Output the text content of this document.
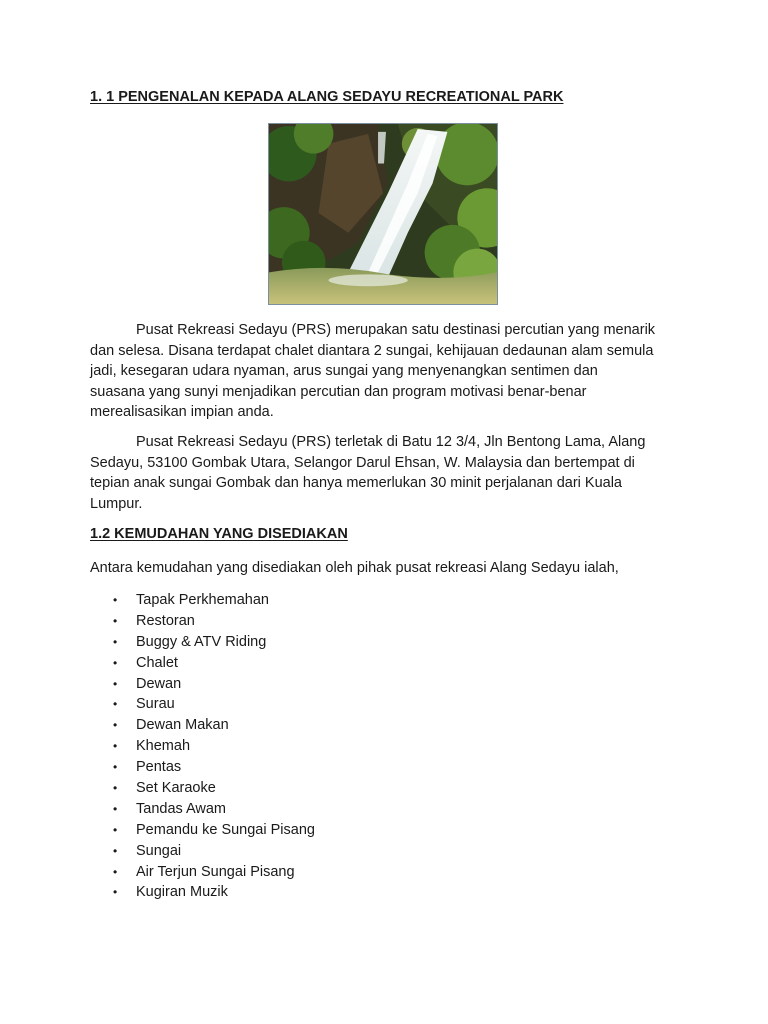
1. 1 PENGENALAN KEPADA ALANG SEDAYU RECREATIONAL PARK

Pusat Rekreasi Sedayu (PRS) merupakan satu destinasi percutian yang menarik
dan selesa. Disana terdapat chalet diantara 2 sungai, kehijauan dedaunan alam semula
jadi, kesegaran udara nyaman, arus sungai yang menyenangkan sentimen dan
suasana yang sunyi menjadikan percutian dan program motivasi benar-benar
merealisasikan impian anda.

Pusat Rekreasi Sedayu (PRS) terletak di Batu 12 3/4, Jln Bentong Lama, Alang
Sedayu, 53100 Gombak Utara, Selangor Darul Ehsan, W. Malaysia dan bertempat di
tepian anak sungai Gombak dan hanya memerlukan 30 minit perjalanan dari Kuala
Lumpur.

1.2 KEMUDAHAN YANG DISEDIAKAN

Antara kemudahan yang disediakan oleh pihak pusat rekreasi Alang Sedayu ialah,

• Tapak Perkhemahan
• Restoran
• Buggy & ATV Riding
• Chalet
• Dewan
• Surau
• Dewan Makan
• Khemah
• Pentas
• Set Karaoke
• Tandas Awam
• Pemandu ke Sungai Pisang
• Sungai
• Air Terjun Sungai Pisang
• Kugiran Muzik
